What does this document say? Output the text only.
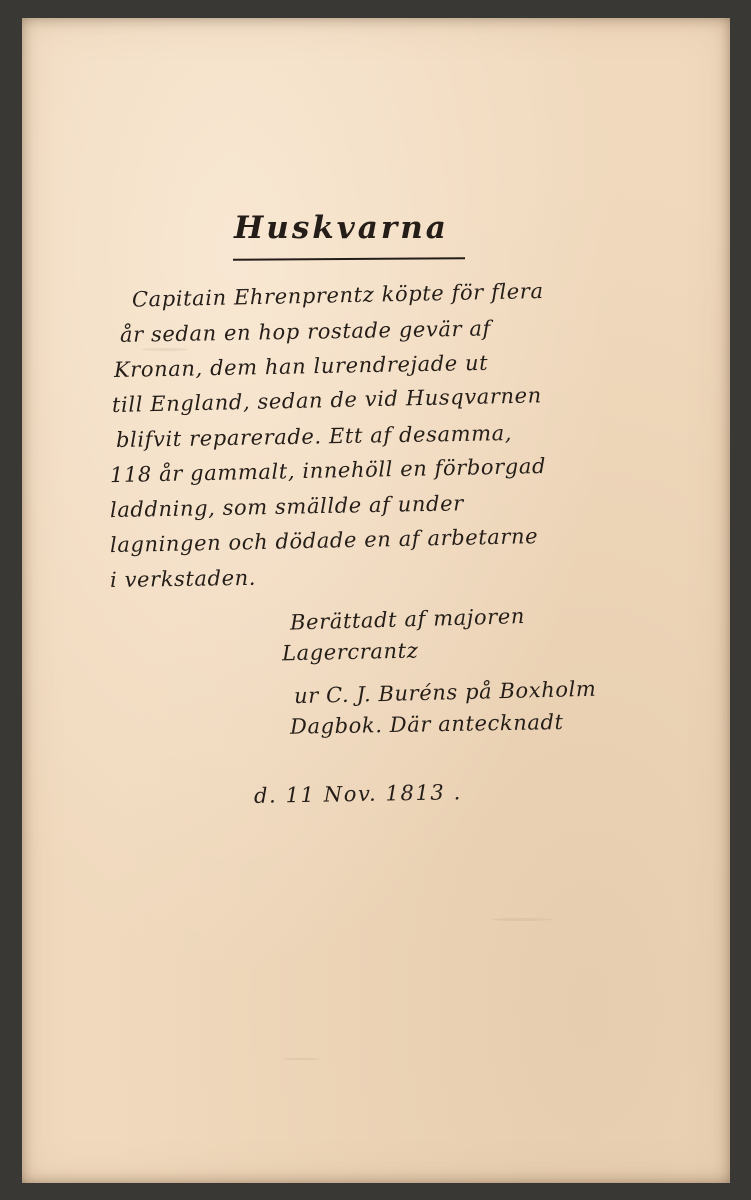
Huskvarna
Capitain Ehrenprentz köpte för flera
år sedan en hop rostade gevär af
Kronan, dem han lurendrejade ut
till England, sedan de vid Husqvarnen
blifvit reparerade. Ett af desamma,
118 år gammalt, innehöll en förborgad
laddning, som smällde af under
lagningen och dödade en af arbetarne
i verkstaden.
Berättadt af majoren
Lagercrantz
ur C. J. Buréns på Boxholm
Dagbok. Där antecknadt
d. 11 Nov. 1813 .
